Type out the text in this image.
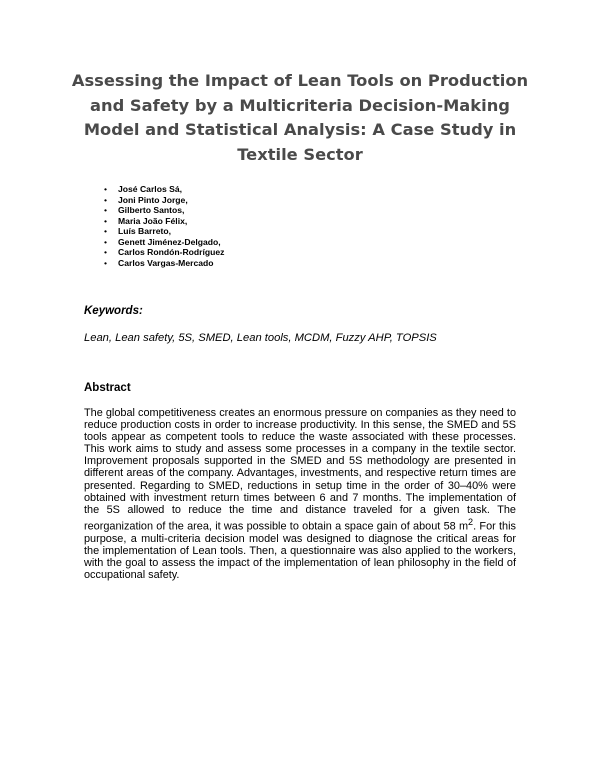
Assessing the Impact of Lean Tools on Production and Safety by a Multicriteria Decision-Making Model and Statistical Analysis: A Case Study in Textile Sector
• José Carlos Sá,
• Joni Pinto Jorge,
• Gilberto Santos,
• Maria João Félix,
• Luís Barreto,
• Genett Jiménez-Delgado,
• Carlos Rondón-Rodríguez
• Carlos Vargas-Mercado

Keywords:

Lean, Lean safety, 5S, SMED, Lean tools, MCDM, Fuzzy AHP, TOPSIS

Abstract

The global competitiveness creates an enormous pressure on companies as they need to reduce production costs in order to increase productivity. In this sense, the SMED and 5S tools appear as competent tools to reduce the waste associated with these processes. This work aims to study and assess some processes in a company in the textile sector. Improvement proposals supported in the SMED and 5S methodology are presented in different areas of the company. Advantages, investments, and respective return times are presented. Regarding to SMED, reductions in setup time in the order of 30–40% were obtained with investment return times between 6 and 7 months. The implementation of the 5S allowed to reduce the time and distance traveled for a given task. The reorganization of the area, it was possible to obtain a space gain of about 58 $m^2$. For this purpose, a multi-criteria decision model was designed to diagnose the critical areas for the implementation of Lean tools. Then, a questionnaire was also applied to the workers, with the goal to assess the impact of the implementation of lean philosophy in the field of occupational safety.
